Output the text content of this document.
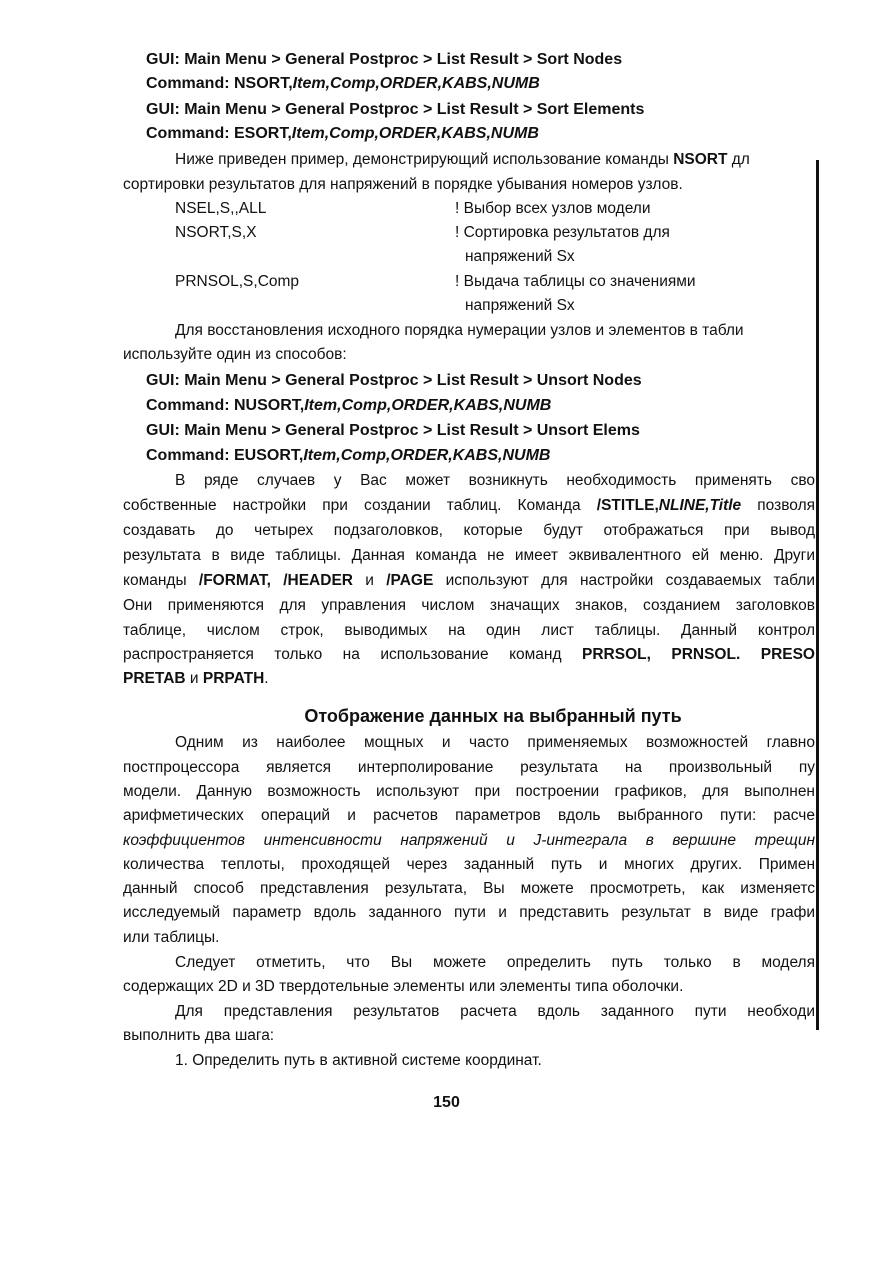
GUI: Main Menu > General Postproc > List Result > Sort Nodes
Command: NSORT,Item,Comp,ORDER,KABS,NUMB
GUI: Main Menu > General Postproc > List Result > Sort Elements
Command: ESORT,Item,Comp,ORDER,KABS,NUMB
Ниже приведен пример, демонстрирующий использование команды NSORT дл
сортировки результатов для напряжений в порядке убывания номеров узлов.
NSEL,S,,ALL	! Выбор всех узлов модели
NSORT,S,X	! Сортировка результатов для
напряжений Sx
PRNSOL,S,Comp	! Выдача таблицы со значениями
напряжений Sx
Для восстановления исходного порядка нумерации узлов и элементов в табли
используйте один из способов:
GUI: Main Menu > General Postproc > List Result > Unsort Nodes
Command: NUSORT,Item,Comp,ORDER,KABS,NUMB
GUI: Main Menu > General Postproc > List Result > Unsort Elems
Command: EUSORT,Item,Comp,ORDER,KABS,NUMB
В ряде случаев у Вас может возникнуть необходимость применять сво
собственные настройки при создании таблиц. Команда /STITLE,NLINE,Title позволя
создавать до четырех подзаголовков, которые будут отображаться при вывод
результата в виде таблицы. Данная команда не имеет эквивалентного ей меню. Други
команды /FORMAT, /HEADER и /PAGE используют для настройки создаваемых табли
Они применяются для управления числом значащих знаков, созданием заголовков
таблице, числом строк, выводимых на один лист таблицы. Данный контрол
распространяется только на использование команд PRRSOL, PRNSOL. PRESO
PRETAB и PRPATH.
Отображение данных на выбранный путь
Одним из наиболее мощных и часто применяемых возможностей главно
постпроцессора является интерполирование результата на произвольный пу
модели. Данную возможность используют при построении графиков, для выполнен
арифметических операций и расчетов параметров вдоль выбранного пути: расче
коэффициентов интенсивности напряжений и J-интеграла в вершине трещин
количества теплоты, проходящей через заданный путь и многих других. Примен
данный способ представления результата, Вы можете просмотреть, как изменяетс
исследуемый параметр вдоль заданного пути и представить результат в виде графи
или таблицы.
Следует отметить, что Вы можете определить путь только в моделя
содержащих 2D и 3D твердотельные элементы или элементы типа оболочки.
Для представления результатов расчета вдоль заданного пути необходи
выполнить два шага:
1. Определить путь в активной системе координат.
150
